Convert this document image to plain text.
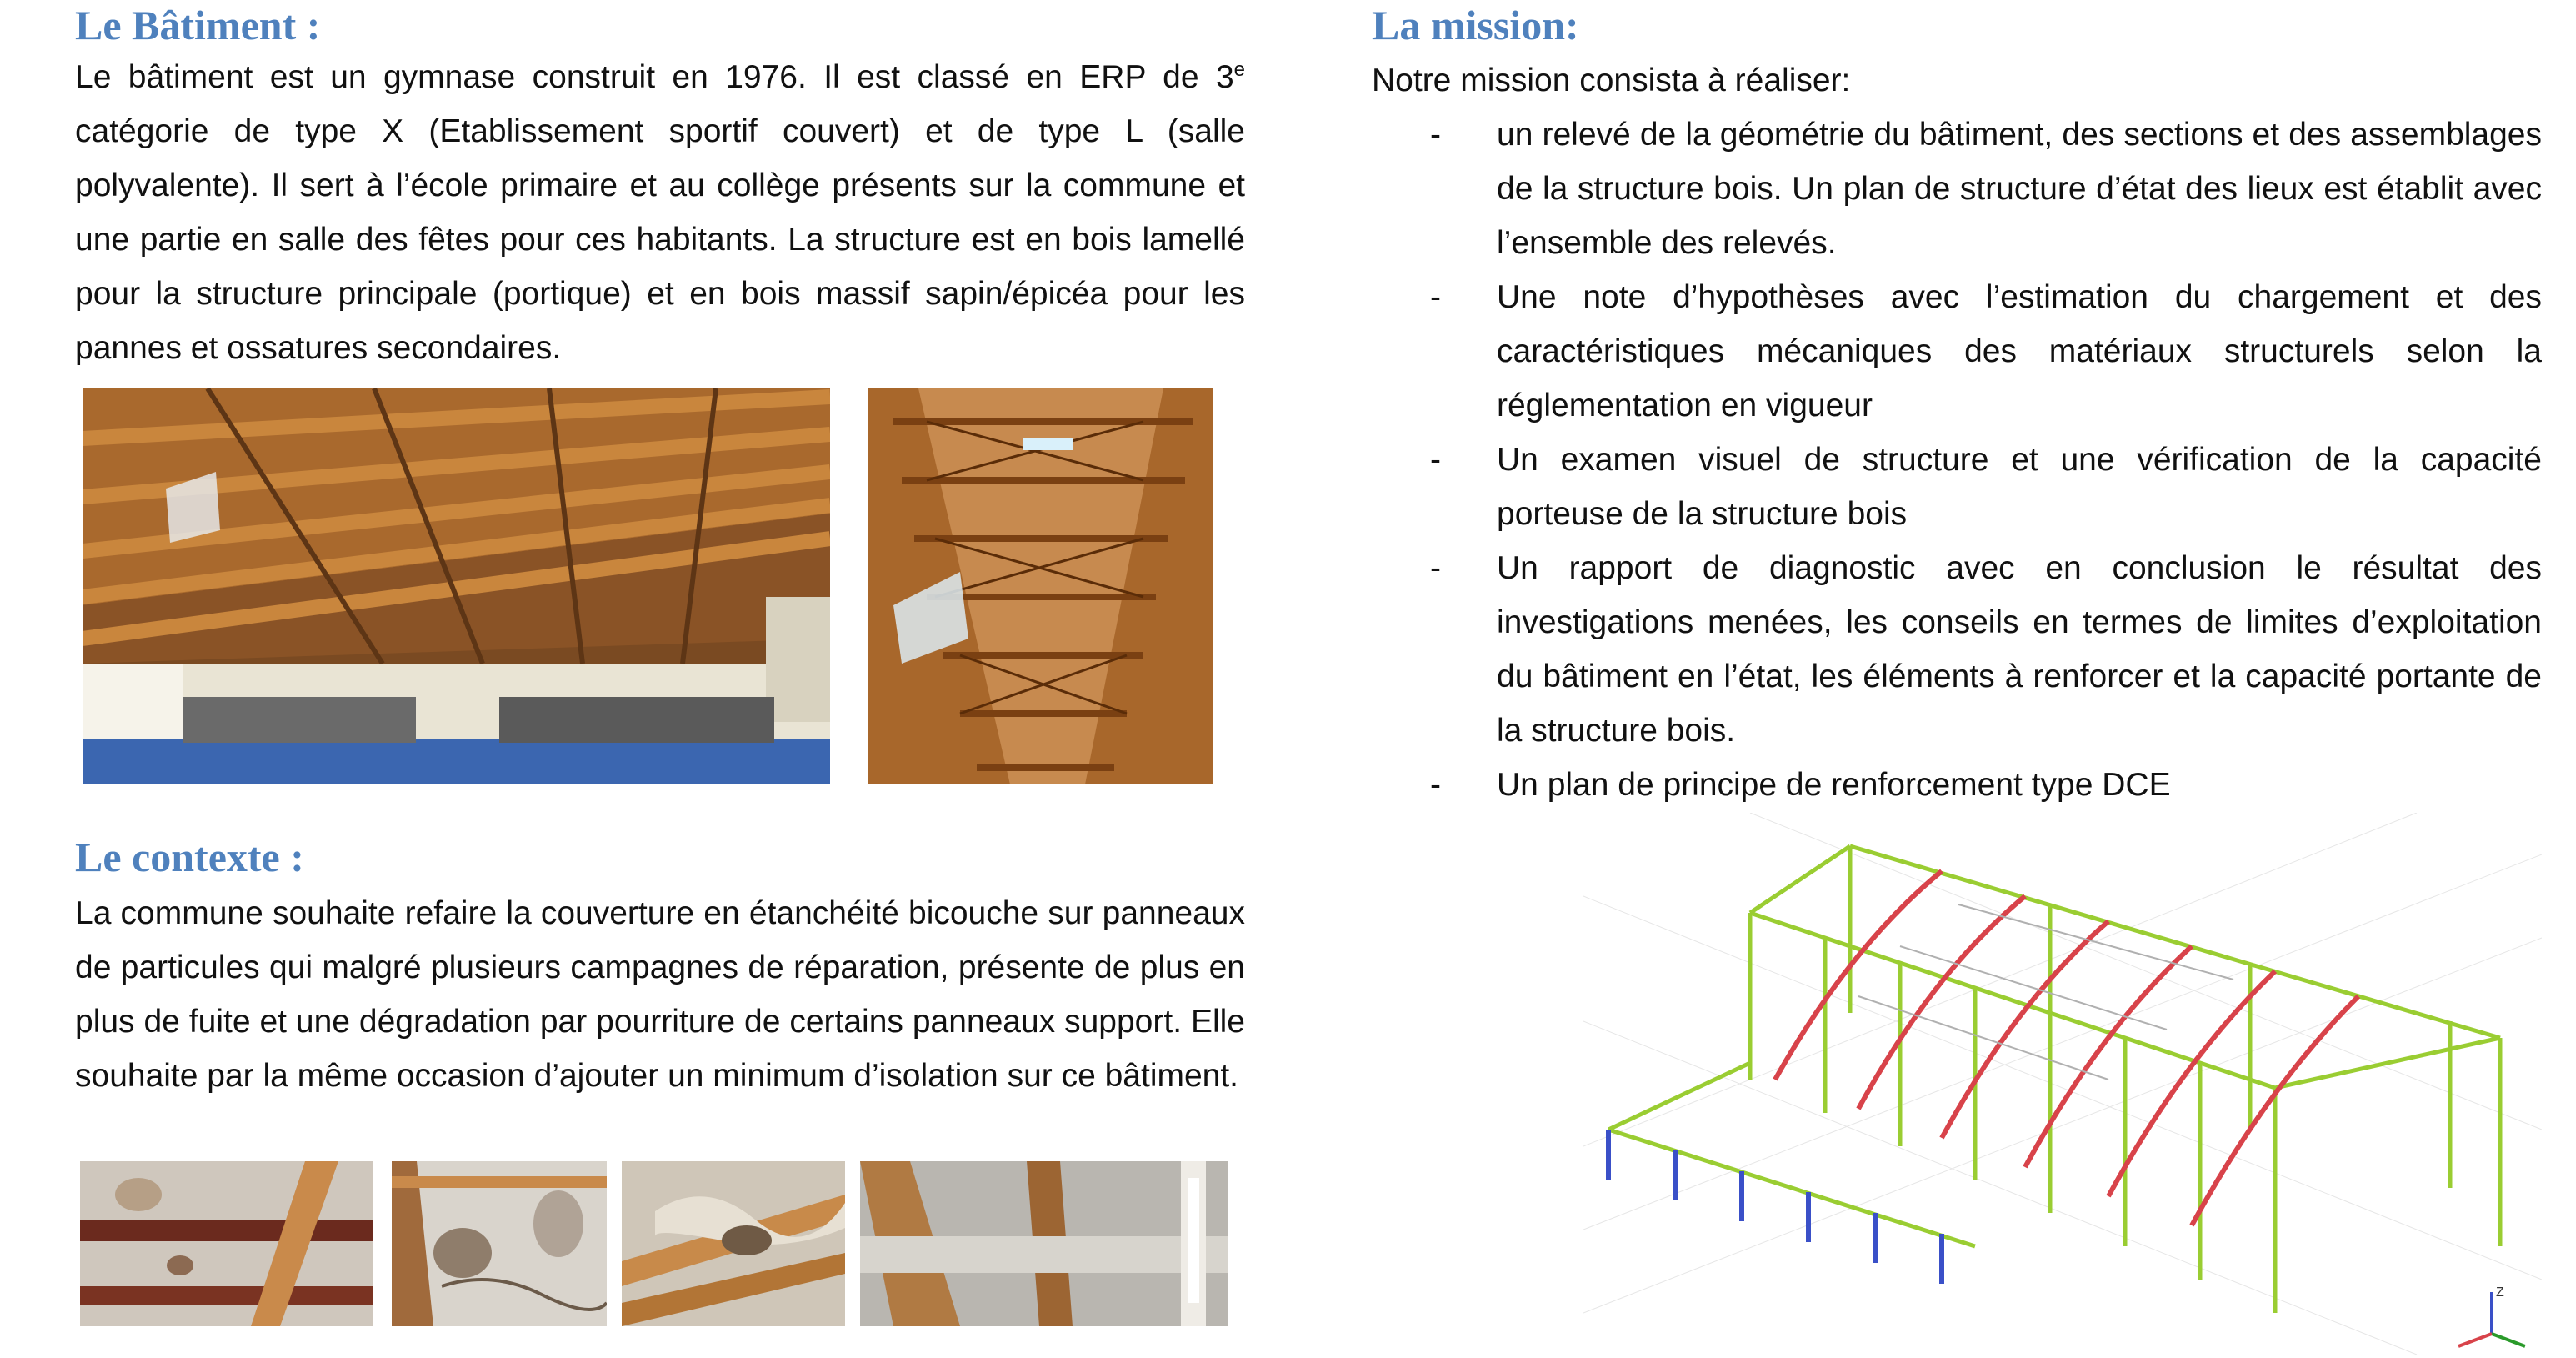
Le Bâtiment :

Le bâtiment est un gymnase construit en 1976. Il est classé en ERP de 3e catégorie de type X (Etablissement sportif couvert) et de type L (salle polyvalente). Il sert à l’école primaire et au collège présents sur la commune et une partie en salle des fêtes pour ces habitants. La structure est en bois lamellé pour la structure principale (portique) et en bois massif sapin/épicéa pour les pannes et ossatures secondaires.

Le contexte :

La commune souhaite refaire la couverture en étanchéité bicouche sur panneaux de particules qui malgré plusieurs campagnes de réparation, présente de plus en plus de fuite et une dégradation par pourriture de certains panneaux support. Elle souhaite par la même occasion d’ajouter un minimum d’isolation sur ce bâtiment.

La mission:

Notre mission consista à réaliser:

- un relevé de la géométrie du bâtiment, des sections et des assemblages de la structure bois. Un plan de structure d’état des lieux est établit avec l’ensemble des relevés.
- Une note d’hypothèses avec l’estimation du chargement et des caractéristiques mécaniques des matériaux structurels selon la réglementation en vigueur
- Un examen visuel de structure et une vérification de la capacité porteuse de la structure bois
- Un rapport de diagnostic avec en conclusion le résultat des investigations menées, les conseils en termes de limites d’exploitation du bâtiment en l’état, les éléments à renforcer et la capacité portante de la structure bois.
- Un plan de principe de renforcement type DCE
Z
